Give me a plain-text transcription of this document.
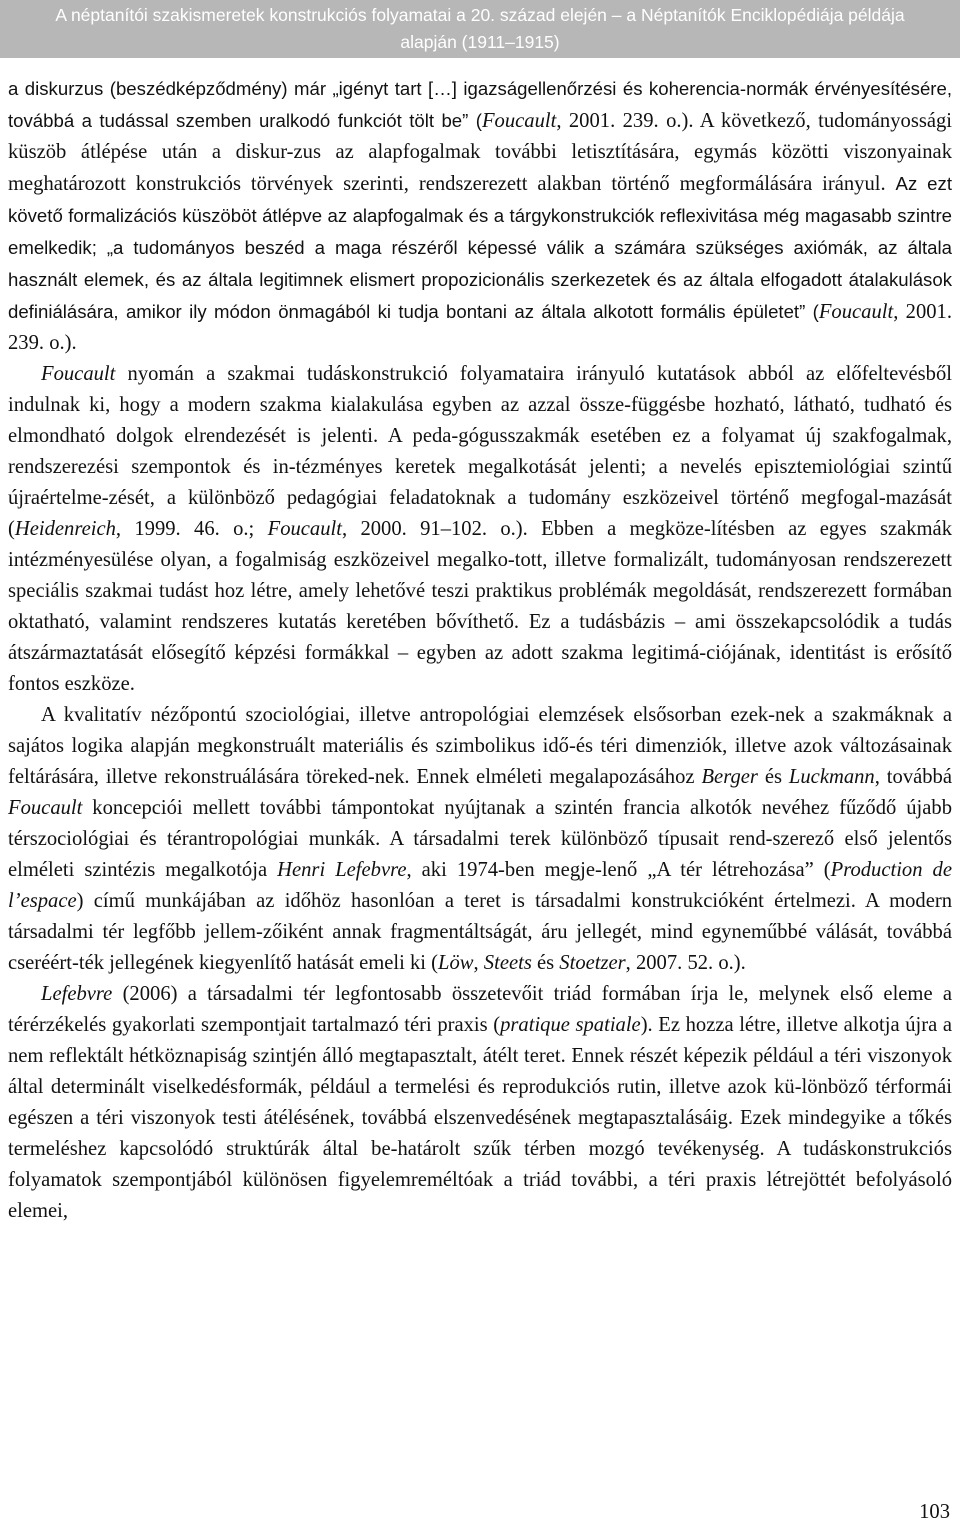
A néptanítói szakismeretek konstrukciós folyamatai a 20. század elején – a Néptanítók Enciklopédiája példája
alapján (1911–1915)

a diskurzus (beszédképződmény) már „igényt tart […] igazságellenőrzési és koherencia-normák érvényesítésére, továbbá a tudással szemben uralkodó funkciót tölt be” (Foucault, 2001. 239. o.). A következő, tudományossági küszöb átlépése után a diskur-zus az alapfogalmak további letisztítására, egymás közötti viszonyainak meghatározott konstrukciós törvények szerinti, rendszerezett alakban történő megformálására irányul. Az ezt követő formalizációs küszöböt átlépve az alapfogalmak és a tárgykonstrukciók reflexivitása még magasabb szintre emelkedik; „a tudományos beszéd a maga részéről képessé válik a számára szükséges axiómák, az általa használt elemek, és az általa legitimnek elismert propozicionális szerkezetek és az általa elfogadott átalakulások definiálására, amikor ily módon önmagából ki tudja bontani az általa alkotott formális épületet” (Foucault, 2001. 239. o.).

Foucault nyomán a szakmai tudáskonstrukció folyamataira irányuló kutatások abból az előfeltevésből indulnak ki, hogy a modern szakma kialakulása egyben az azzal össze-függésbe hozható, látható, tudható és elmondható dolgok elrendezését is jelenti. A peda-gógusszakmák esetében ez a folyamat új szakfogalmak, rendszerezési szempontok és in-tézményes keretek megalkotását jelenti; a nevelés episztemiológiai szintű újraértelme-zését, a különböző pedagógiai feladatoknak a tudomány eszközeivel történő megfogal-mazását (Heidenreich, 1999. 46. o.; Foucault, 2000. 91–102. o.). Ebben a megköze-lítésben az egyes szakmák intézményesülése olyan, a fogalmiság eszközeivel megalko-tott, illetve formalizált, tudományosan rendszerezett speciális szakmai tudást hoz létre, amely lehetővé teszi praktikus problémák megoldását, rendszerezett formában oktatható, valamint rendszeres kutatás keretében bővíthető. Ez a tudásbázis – ami összekapcsolódik a tudás átszármaztatását elősegítő képzési formákkal – egyben az adott szakma legitimá-ciójának, identitást is erősítő fontos eszköze.

A kvalitatív nézőpontú szociológiai, illetve antropológiai elemzések elsősorban ezek-nek a szakmáknak a sajátos logika alapján megkonstruált materiális és szimbolikus idő-és téri dimenziók, illetve azok változásainak feltárására, illetve rekonstruálására töreked-nek. Ennek elméleti megalapozásához Berger és Luckmann, továbbá Foucault koncepciói mellett további támpontokat nyújtanak a szintén francia alkotók nevéhez fűződő újabb térszociológiai és térantropológiai munkák. A társadalmi terek különböző típusait rend-szerező első jelentős elméleti szintézis megalkotója Henri Lefebvre, aki 1974-ben megje-lenő „A tér létrehozása” (Production de l’espace) című munkájában az időhöz hasonlóan a teret is társadalmi konstrukcióként értelmezi. A modern társadalmi tér legfőbb jellem-zőiként annak fragmentáltságát, áru jellegét, mind egyneműbbé válását, továbbá cseréért-ték jellegének kiegyenlítő hatását emeli ki (Löw, Steets és Stoetzer, 2007. 52. o.).

Lefebvre (2006) a társadalmi tér legfontosabb összetevőit triád formában írja le, melynek első eleme a térérzékelés gyakorlati szempontjait tartalmazó téri praxis (pratique spatiale). Ez hozza létre, illetve alkotja újra a nem reflektált hétköznapiság szintjén álló megtapasztalt, átélt teret. Ennek részét képezik például a téri viszonyok által determinált viselkedésformák, például a termelési és reprodukciós rutin, illetve azok kü-lönböző térformái egészen a téri viszonyok testi átélésének, továbbá elszenvedésének megtapasztalásáig. Ezek mindegyike a tőkés termeléshez kapcsolódó struktúrák által be-határolt szűk térben mozgó tevékenység. A tudáskonstrukciós folyamatok szempontjából különösen figyelemreméltóak a triád további, a téri praxis létrejöttét befolyásoló elemei,

103
